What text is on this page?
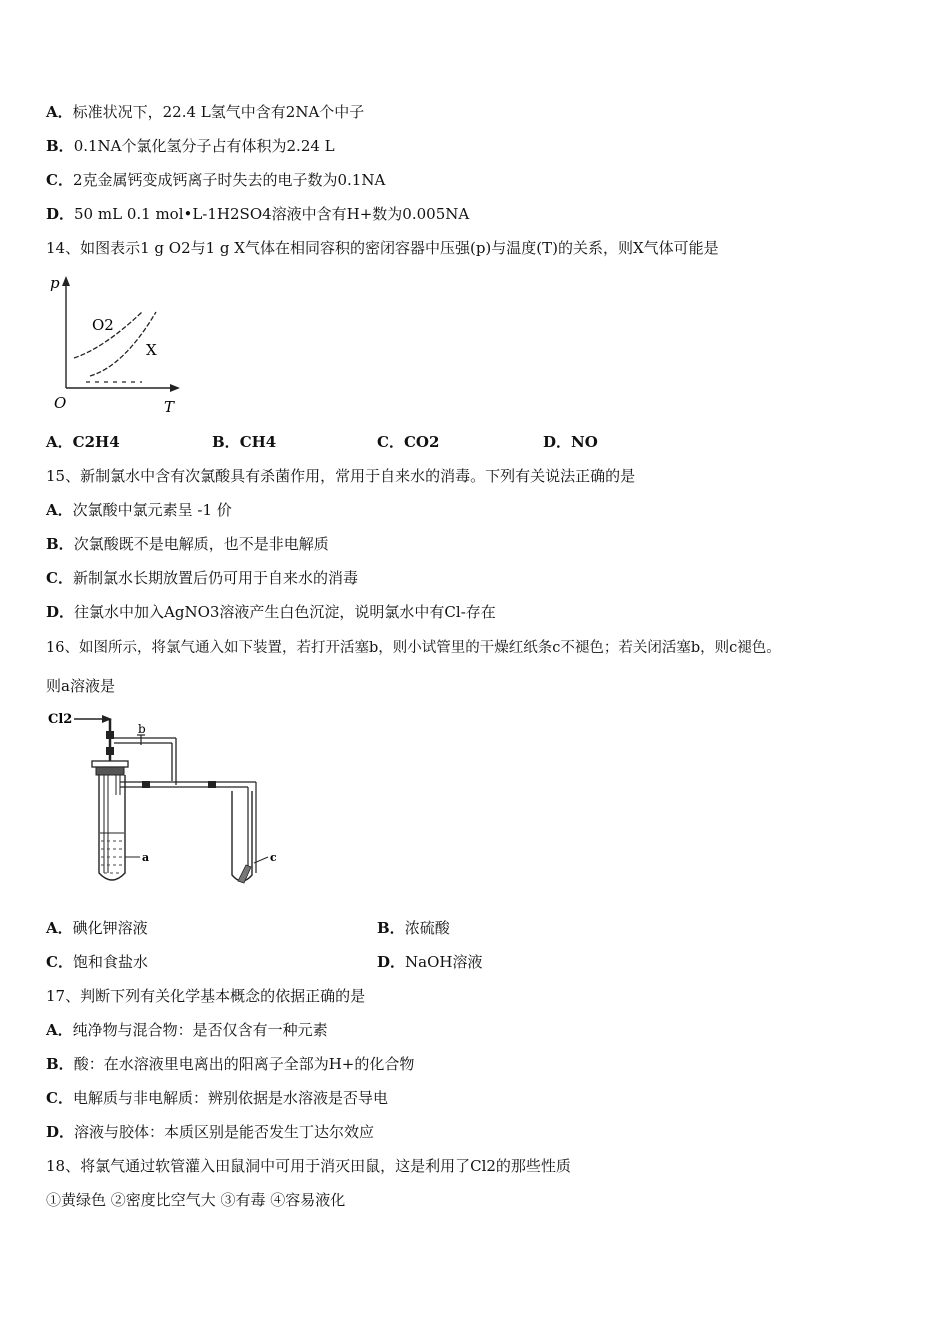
A．标准状况下，22.4 L氢气中含有2NA个中子
B．0.1NA个氯化氢分子占有体积为2.24 L
C．2克金属钙变成钙离子时失去的电子数为0.1NA
D．50 mL 0.1 mol•L-1H2SO4溶液中含有H+数为0.005NA
14、如图表示1 g O2与1 g X气体在相同容积的密闭容器中压强(p)与温度(T)的关系，则X气体可能是
p
O	T
O2
X
A．C2H4	B．CH4	C．CO2	D．NO
15、新制氯水中含有次氯酸具有杀菌作用，常用于自来水的消毒。下列有关说法正确的是
A．次氯酸中氯元素呈 -1 价
B．次氯酸既不是电解质，也不是非电解质
C．新制氯水长期放置后仍可用于自来水的消毒
D．往氯水中加入AgNO3溶液产生白色沉淀，说明氯水中有Cl-存在
16、如图所示，将氯气通入如下装置，若打开活塞b，则小试管里的干燥红纸条c不褪色；若关闭活塞b，则c褪色。
则a溶液是
Cl2
b
a	c
A．碘化钾溶液	B．浓硫酸
C．饱和食盐水	D．NaOH溶液
17、判断下列有关化学基本概念的依据正确的是
A．纯净物与混合物：是否仅含有一种元素
B．酸：在水溶液里电离出的阳离子全部为H+的化合物
C．电解质与非电解质：辨别依据是水溶液是否导电
D．溶液与胶体：本质区别是能否发生丁达尔效应
18、将氯气通过软管灌入田鼠洞中可用于消灭田鼠，这是利用了Cl2的那些性质
①黄绿色 ②密度比空气大 ③有毒 ④容易液化
